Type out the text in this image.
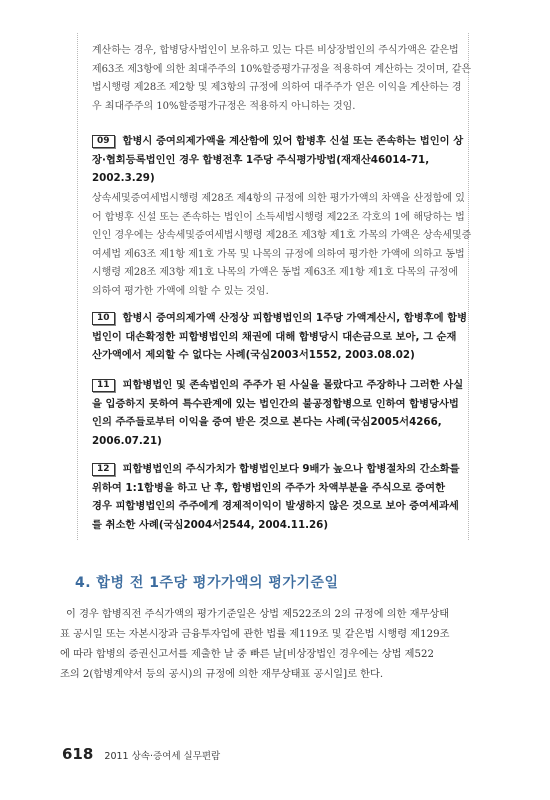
계산하는 경우, 합병당사법인이 보유하고 있는 다른 비상장법인의 주식가액은 같은법
제63조 제3항에 의한 최대주주의 10%할증평가규정을 적용하여 계산하는 것이며, 같은
법시행령 제28조 제2항 및 제3항의 규정에 의하여 대주주가 얻은 이익을 계산하는 경
우 최대주주의 10%할증평가규정은 적용하지 아니하는 것임.
09 합병시 증여의제가액을 계산함에 있어 합병후 신설 또는 존속하는 법인이 상
장·협회등록법인인 경우 합병전후 1주당 주식평가방법(재재산46014-71,
2002.3.29)
상속세및증여세법시행령 제28조 제4항의 규정에 의한 평가가액의 차액을 산정함에 있
어 합병후 신설 또는 존속하는 법인이 소득세법시행령 제22조 각호의 1에 해당하는 법
인인 경우에는 상속세및증여세법시행령 제28조 제3항 제1호 가목의 가액은 상속세및증
여세법 제63조 제1항 제1호 가목 및 나목의 규정에 의하여 평가한 가액에 의하고 동법
시행령 제28조 제3항 제1호 나목의 가액은 동법 제63조 제1항 제1호 다목의 규정에
의하여 평가한 가액에 의할 수 있는 것임.
10 합병시 증여의제가액 산정상 피합병법인의 1주당 가액계산시, 합병후에 합병
법인이 대손확정한 피합병법인의 채권에 대해 합병당시 대손금으로 보아, 그 순재
산가액에서 제외할 수 없다는 사례(국심2003서1552, 2003.08.02)
11 피합병법인 및 존속법인의 주주가 된 사실을 몰랐다고 주장하나 그러한 사실
을 입증하지 못하여 특수관계에 있는 법인간의 불공정합병으로 인하여 합병당사법
인의 주주들로부터 이익을 증여 받은 것으로 본다는 사례(국심2005서4266,
2006.07.21)
12 피합병법인의 주식가치가 합병법인보다 9배가 높으나 합병절차의 간소화를
위하여 1:1합병을 하고 난 후, 합병법인의 주주가 차액부분을 주식으로 증여한
경우 피합병법인의 주주에게 경제적이익이 발생하지 않은 것으로 보아 증여세과세
를 취소한 사례(국심2004서2544, 2004.11.26)
4. 합병 전 1주당 평가가액의 평가기준일
이 경우 합병직전 주식가액의 평가기준일은 상법 제522조의 2의 규정에 의한 재무상태
표 공시일 또는 자본시장과 금융투자업에 관한 법률 제119조 및 같은법 시행령 제129조
에 따라 합병의 증권신고서를 제출한 날 중 빠른 날[비상장법인 경우에는 상법 제522
조의 2(합병계약서 등의 공시)의 규정에 의한 재무상태표 공시일]로 한다.
618 2011 상속·증여세 실무편람
